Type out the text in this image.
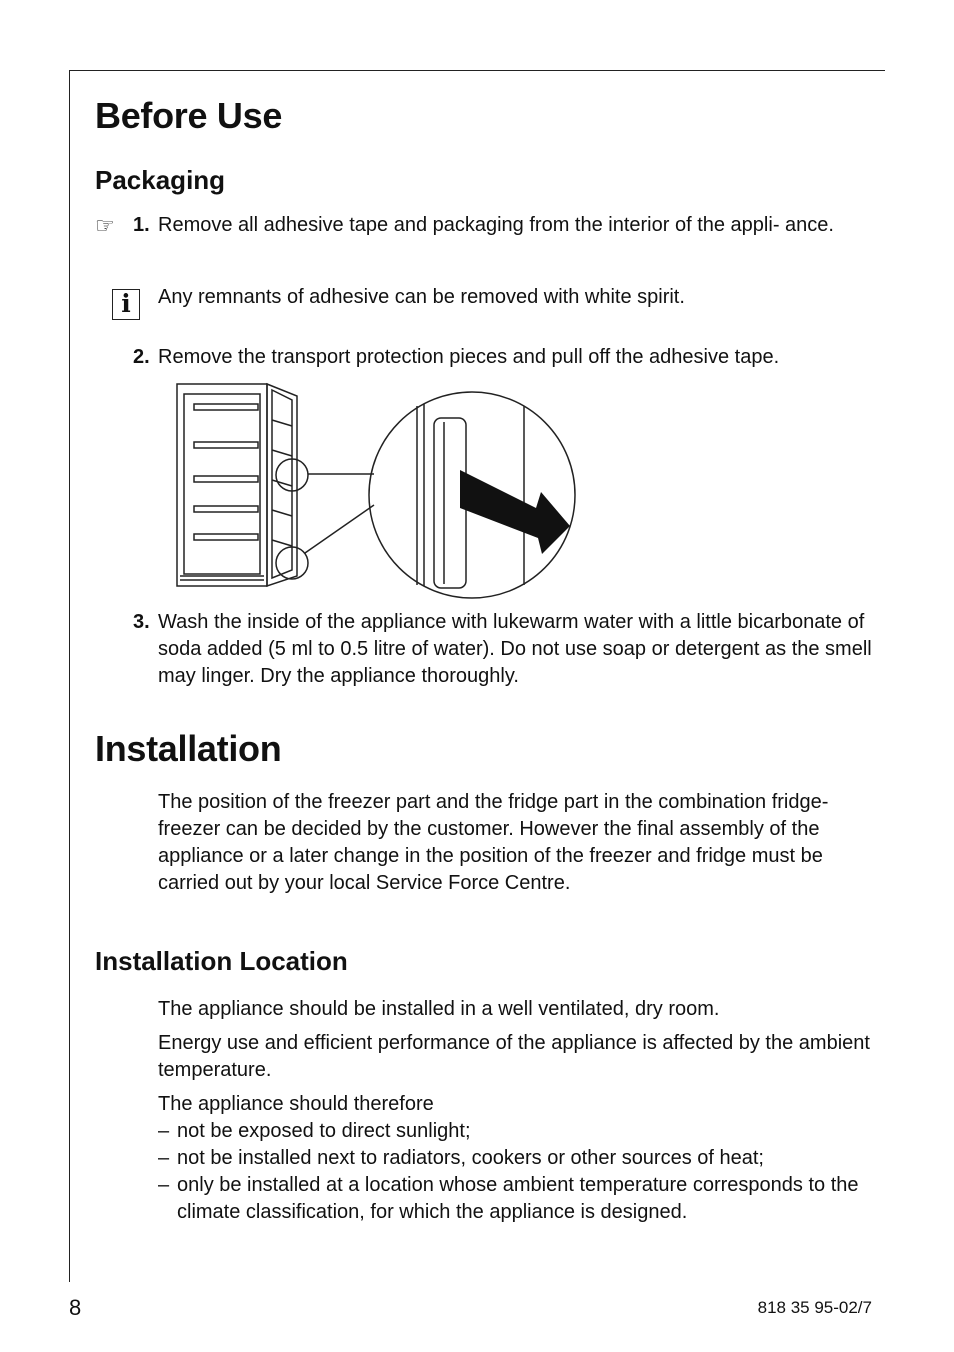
Before Use
Packaging
☞ 1. Remove all adhesive tape and packaging from the interior of the appli- ance.
i	Any remnants of adhesive can be removed with white spirit.
2. Remove the transport protection pieces and pull off the adhesive tape.
3. Wash the inside of the appliance with lukewarm water with a little bicarbonate of soda added (5 ml to 0.5 litre of water). Do not use soap or detergent as the smell may linger. Dry the appliance thoroughly.
Installation
The position of the freezer part and the fridge part in the combination fridge-freezer can be decided by the customer. However the final assembly of the appliance or a later change in the position of the freezer and fridge must be carried out by your local Service Force Centre.
Installation Location
The appliance should be installed in a well ventilated, dry room.
Energy use and efficient performance of the appliance is affected by the ambient temperature.
The appliance should therefore
– not be exposed to direct sunlight;
– not be installed next to radiators, cookers or other sources of heat;
– only be installed at a location whose ambient temperature corresponds to the climate classification, for which the appliance is designed.
8	818 35 95-02/7
